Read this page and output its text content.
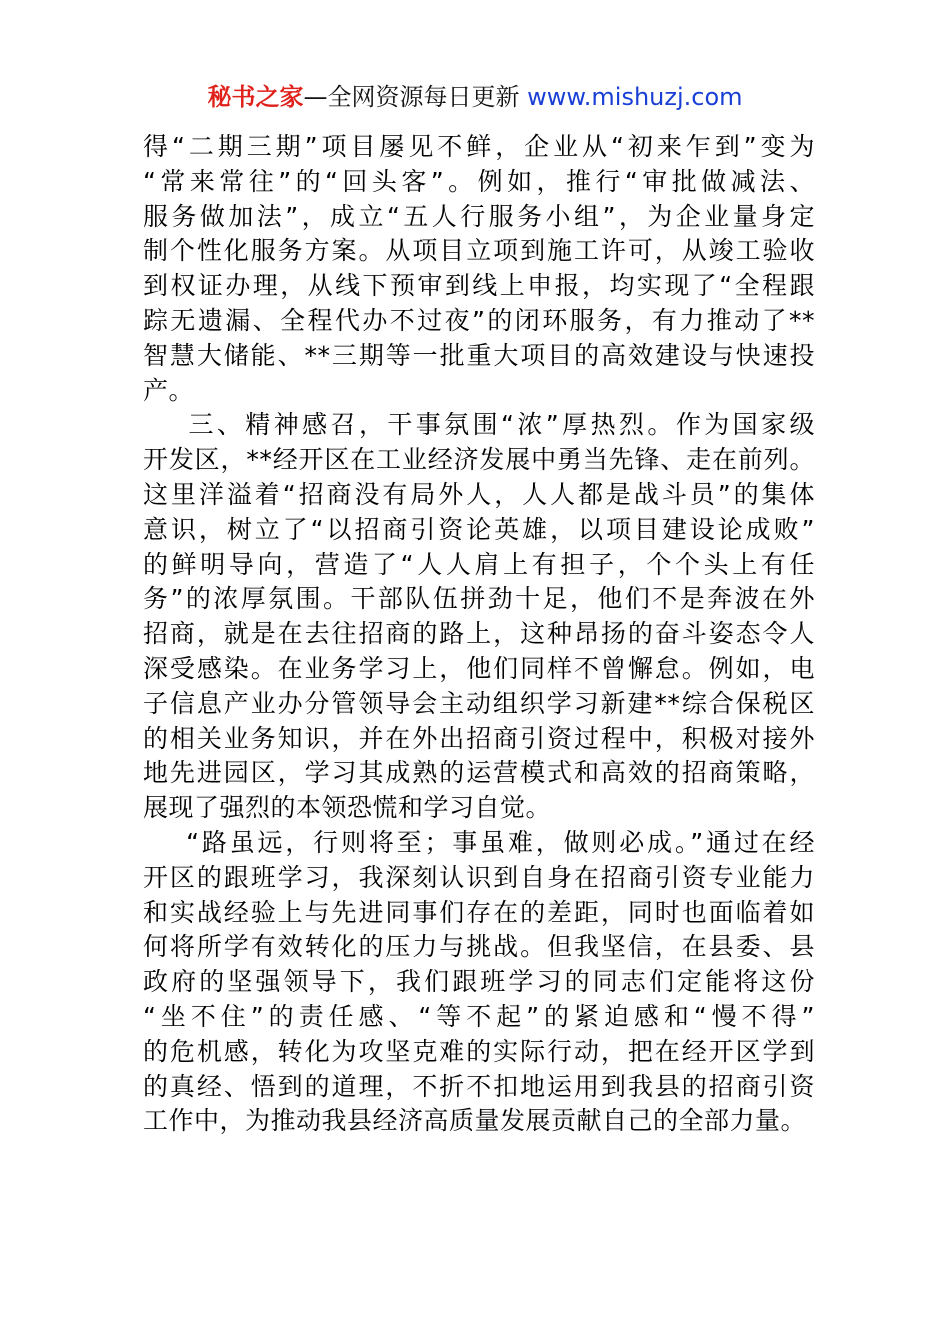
秘书之家—全网资源每日更新 www.mishuzj.com
得“二期三期”项目屡见不鲜，企业从“初来乍到”变为
“常来常往”的“回头客”。例如，推行“审批做减法、
服务做加法”，成立“五人行服务小组”，为企业量身定
制个性化服务方案。从项目立项到施工许可，从竣工验收
到权证办理，从线下预审到线上申报，均实现了“全程跟
踪无遗漏、全程代办不过夜”的闭环服务，有力推动了**
智慧大储能、**三期等一批重大项目的高效建设与快速投
产。
三、精神感召，干事氛围“浓”厚热烈。作为国家级
开发区，**经开区在工业经济发展中勇当先锋、走在前列。
这里洋溢着“招商没有局外人，人人都是战斗员”的集体
意识，树立了“以招商引资论英雄，以项目建设论成败”
的鲜明导向，营造了“人人肩上有担子，个个头上有任
务”的浓厚氛围。干部队伍拼劲十足，他们不是奔波在外
招商，就是在去往招商的路上，这种昂扬的奋斗姿态令人
深受感染。在业务学习上，他们同样不曾懈怠。例如，电
子信息产业办分管领导会主动组织学习新建**综合保税区
的相关业务知识，并在外出招商引资过程中，积极对接外
地先进园区，学习其成熟的运营模式和高效的招商策略，
展现了强烈的本领恐慌和学习自觉。
“路虽远，行则将至；事虽难，做则必成。”通过在经
开区的跟班学习，我深刻认识到自身在招商引资专业能力
和实战经验上与先进同事们存在的差距，同时也面临着如
何将所学有效转化的压力与挑战。但我坚信，在县委、县
政府的坚强领导下，我们跟班学习的同志们定能将这份
“坐不住”的责任感、“等不起”的紧迫感和“慢不得”
的危机感，转化为攻坚克难的实际行动，把在经开区学到
的真经、悟到的道理，不折不扣地运用到我县的招商引资
工作中，为推动我县经济高质量发展贡献自己的全部力量。
